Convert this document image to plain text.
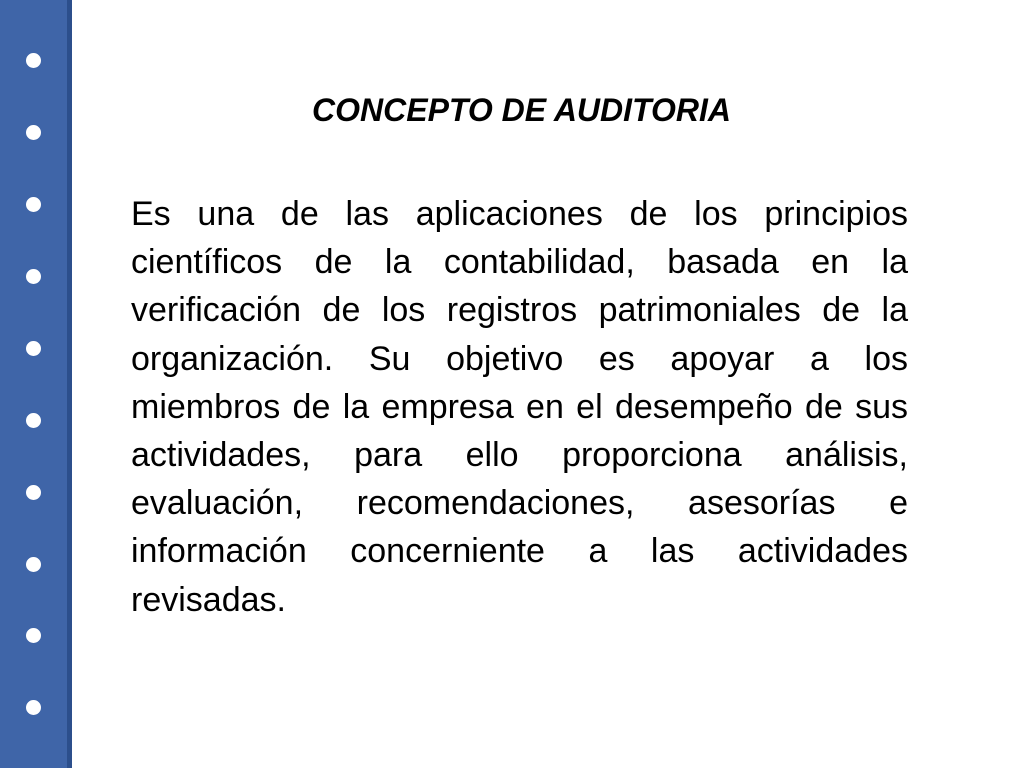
CONCEPTO DE AUDITORIA

Es una de las aplicaciones de los principios científicos de la contabilidad, basada en la verificación de los registros patrimoniales de la organización. Su objetivo es apoyar a los miembros de la empresa en el desempeño de sus actividades, para ello proporciona análisis, evaluación, recomendaciones, asesorías e información concerniente a las actividades revisadas.
